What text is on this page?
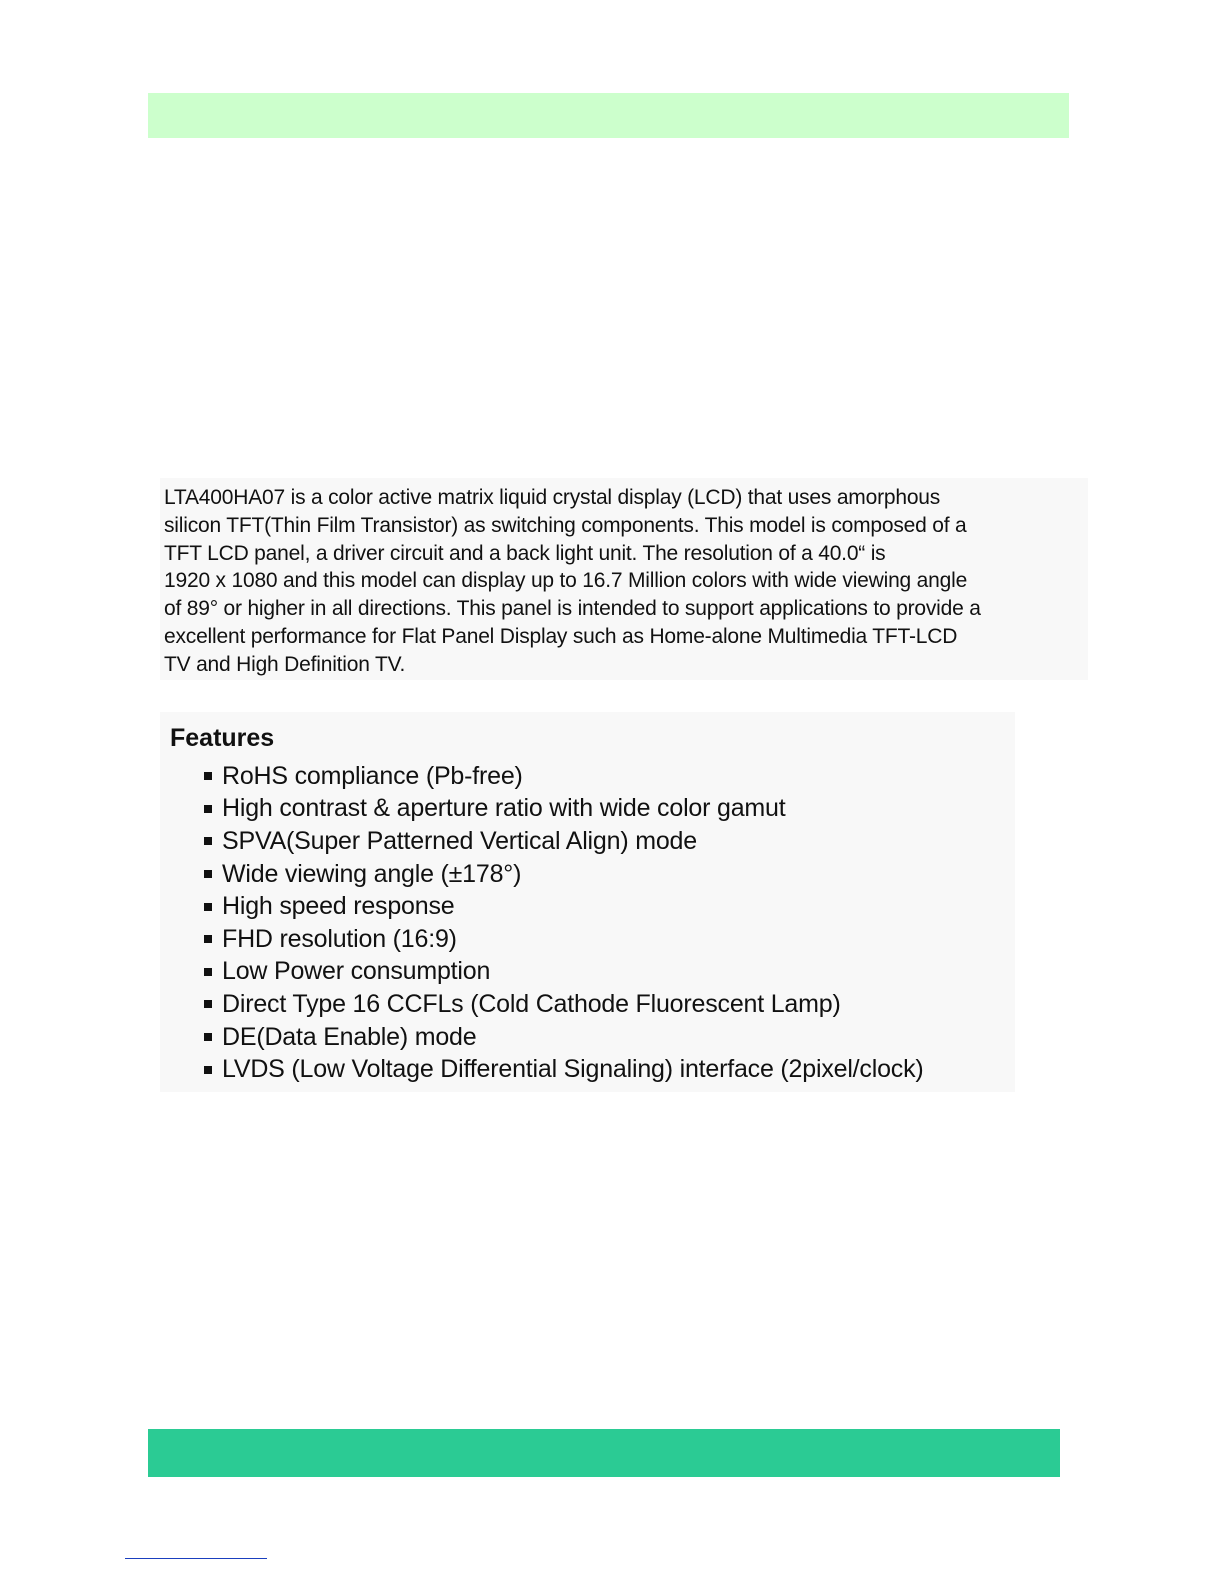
LTA400HA07 is a color active matrix liquid crystal display (LCD) that uses amorphous
silicon TFT(Thin Film Transistor) as switching components. This model is composed of a
TFT LCD panel, a driver circuit and a back light unit. The resolution of a 40.0“ is
1920 x 1080 and this model can display up to 16.7 Million colors with wide viewing angle
of 89° or higher in all directions. This panel is intended to support applications to provide a
excellent performance for Flat Panel Display such as Home-alone Multimedia TFT-LCD
TV and High Definition TV.

Features
RoHS compliance (Pb-free)
High contrast & aperture ratio with wide color gamut
SPVA(Super Patterned Vertical Align) mode
Wide viewing angle (±178°)
High speed response
FHD resolution (16:9)
Low Power consumption
Direct Type 16 CCFLs (Cold Cathode Fluorescent Lamp)
DE(Data Enable) mode
LVDS (Low Voltage Differential Signaling) interface (2pixel/clock)
